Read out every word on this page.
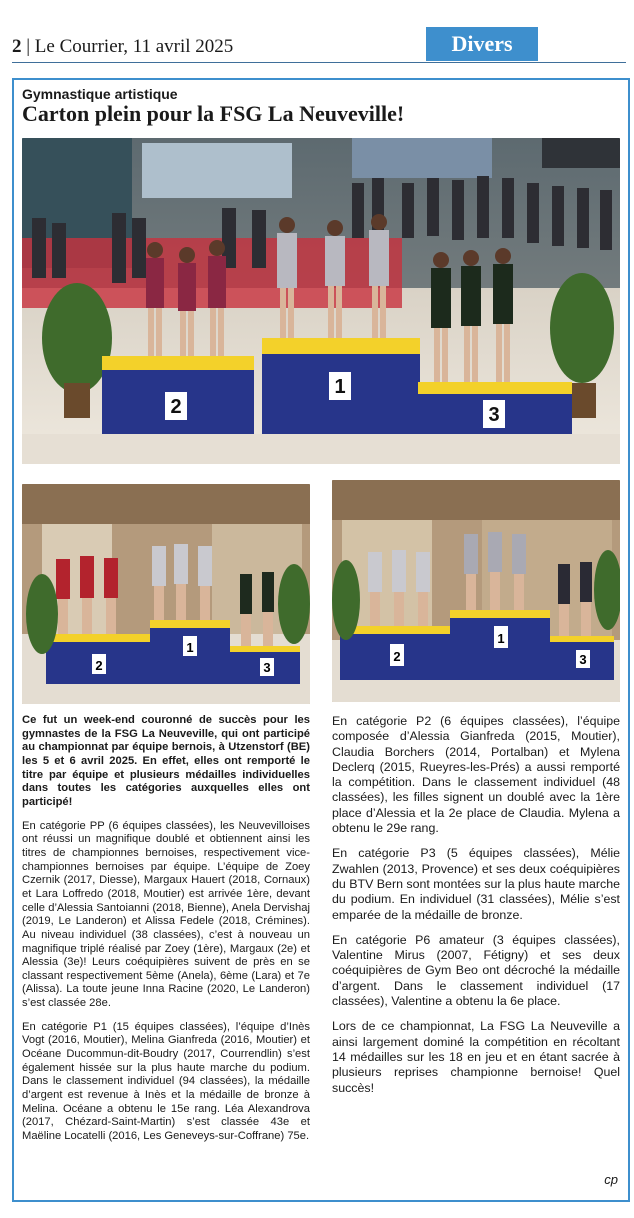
2 | Le Courrier, 11 avril 2025	Divers
Gymnastique artistique
Carton plein pour la FSG La Neuveville!
2
1
3
2
1
3
2
1
3

Ce fut un week-end couronné de succès pour les gymnastes de la FSG La Neuveville, qui ont participé au championnat par équipe bernois, à Utzenstorf (BE) les 5 et 6 avril 2025. En effet, elles ont remporté le titre par équipe et plusieurs médailles individuelles dans toutes les catégories auxquelles elles ont participé!

En catégorie PP (6 équipes classées), les Neuvevilloises ont réussi un magnifique doublé et obtiennent ainsi les titres de championnes bernoises, respectivement vice-championnes bernoises par équipe. L’équipe de Zoey Czernik (2017, Diesse), Margaux Hauert (2018, Cornaux) et Lara Loffredo (2018, Moutier) est arrivée 1ère, devant celle d’Alessia Santoianni (2018, Bienne), Anela Dervishaj (2019, Le Landeron) et Alissa Fedele (2018, Crémines). Au niveau individuel (38 classées), c’est à nouveau un magnifique triplé réalisé par Zoey (1ère), Margaux (2e) et Alessia (3e)! Leurs coéquipières suivent de près en se classant respectivement 5ème (Anela), 6ème (Lara) et 7e (Alissa). La toute jeune Inna Racine (2020, Le Landeron) s’est classée 28e.

En catégorie P1 (15 équipes classées), l’équipe d’Inès Vogt (2016, Moutier), Melina Gianfreda (2016, Moutier) et Océane Ducommun-dit-Boudry (2017, Courrendlin) s’est également hissée sur la plus haute marche du podium. Dans le classement individuel (94 classées), la médaille d’argent est revenue à Inès et la médaille de bronze à Melina. Océane a obtenu le 15e rang. Léa Alexandrova (2017, Chézard-Saint-Martin) s’est classée 43e et Maëline Locatelli (2016, Les Geneveys-sur-Coffrane) 75e.

En catégorie P2 (6 équipes classées), l’équipe composée d’Alessia Gianfreda (2015, Moutier), Claudia Borchers (2014, Portalban) et Mylena Declerq (2015, Rueyres-les-Prés) a aussi remporté la compétition. Dans le classement individuel (48 classées), les filles signent un doublé avec la 1ère place d’Alessia et la 2e place de Claudia. Mylena a obtenu le 29e rang.

En catégorie P3 (5 équipes classées), Mélie Zwahlen (2013, Provence) et ses deux coéquipières du BTV Bern sont montées sur la plus haute marche du podium. En individuel (31 classées), Mélie s’est emparée de la médaille de bronze.

En catégorie P6 amateur (3 équipes classées), Valentine Mirus (2007, Fétigny) et ses deux coéquipières de Gym Beo ont décroché la médaille d’argent. Dans le classement individuel (17 classées), Valentine a obtenu la 6e place.

Lors de ce championnat, La FSG La Neuveville a ainsi largement dominé la compétition en récoltant 14 médailles sur les 18 en jeu et en étant sacrée à plusieurs reprises championne bernoise! Quel succès!

cp
